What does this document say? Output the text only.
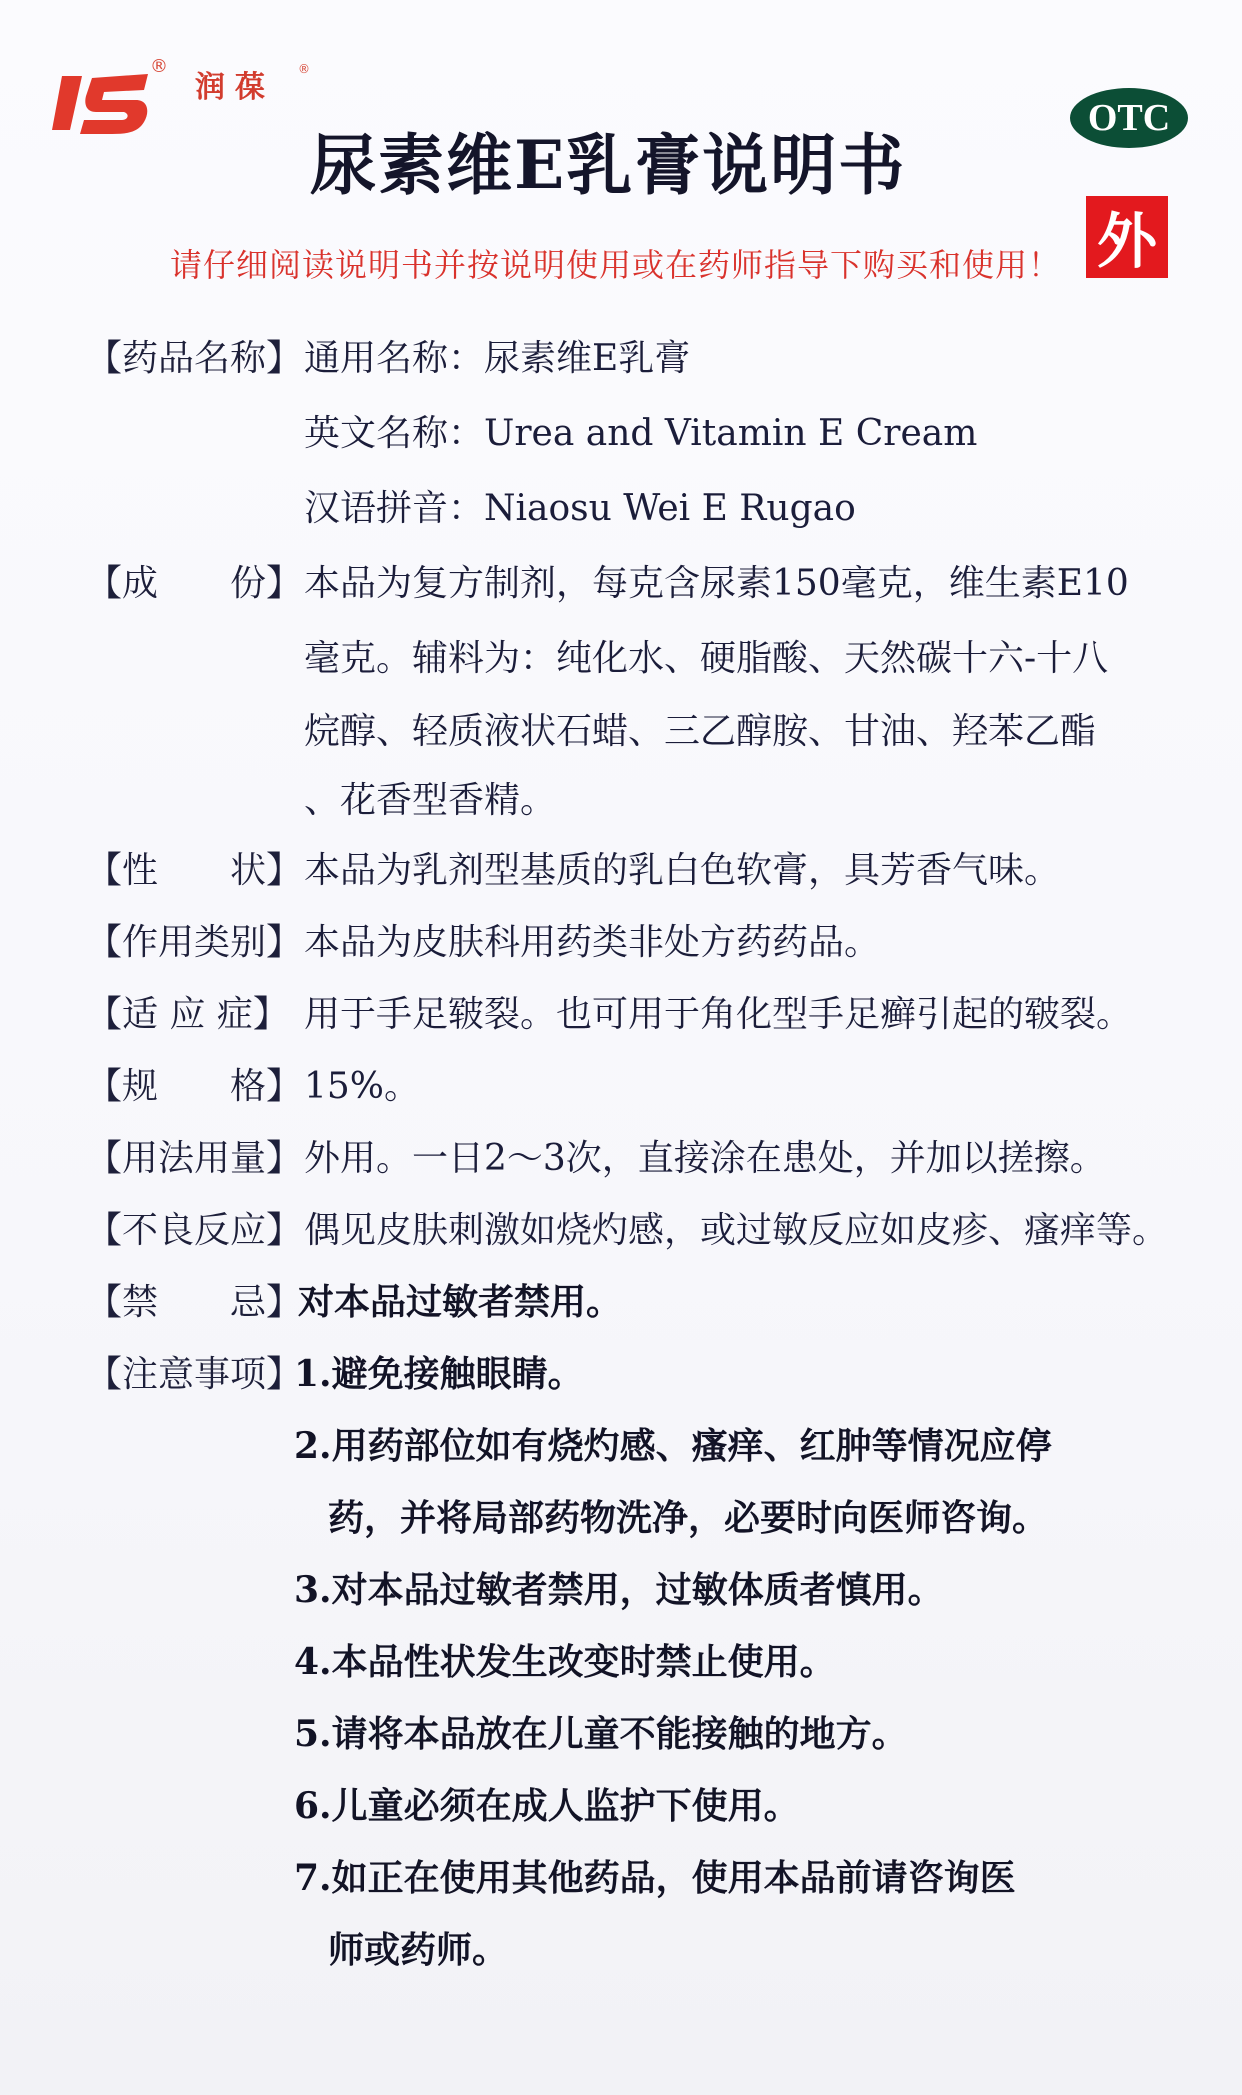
®
润葆
®
尿素维E乳膏说明书
OTC
外
请仔细阅读说明书并按说明使用或在药师指导下购买和使用！
【药品名称】 通用名称：尿素维E乳膏
英文名称：Urea and Vitamin E Cream
汉语拼音：Niaosu Wei E Rugao
【成　　份】 本品为复方制剂，每克含尿素150毫克，维生素E10
毫克。辅料为：纯化水、硬脂酸、天然碳十六-十八
烷醇、轻质液状石蜡、三乙醇胺、甘油、羟苯乙酯
、花香型香精。
【性　　状】 本品为乳剂型基质的乳白色软膏，具芳香气味。
【作用类别】 本品为皮肤科用药类非处方药药品。
【适 应 症】 用于手足皲裂。也可用于角化型手足癣引起的皲裂。
【规　　格】 15%。
【用法用量】 外用。一日2～3次，直接涂在患处，并加以搓擦。
【不良反应】 偶见皮肤刺激如烧灼感，或过敏反应如皮疹、瘙痒等。
【禁　　忌】
对本品过敏者禁用。
【注意事项】
1.避免接触眼睛。
2.用药部位如有烧灼感、瘙痒、红肿等情况应停
药，并将局部药物洗净，必要时向医师咨询。
3.对本品过敏者禁用，过敏体质者慎用。
4.本品性状发生改变时禁止使用。
5.请将本品放在儿童不能接触的地方。
6.儿童必须在成人监护下使用。
7.如正在使用其他药品，使用本品前请咨询医
师或药师。
